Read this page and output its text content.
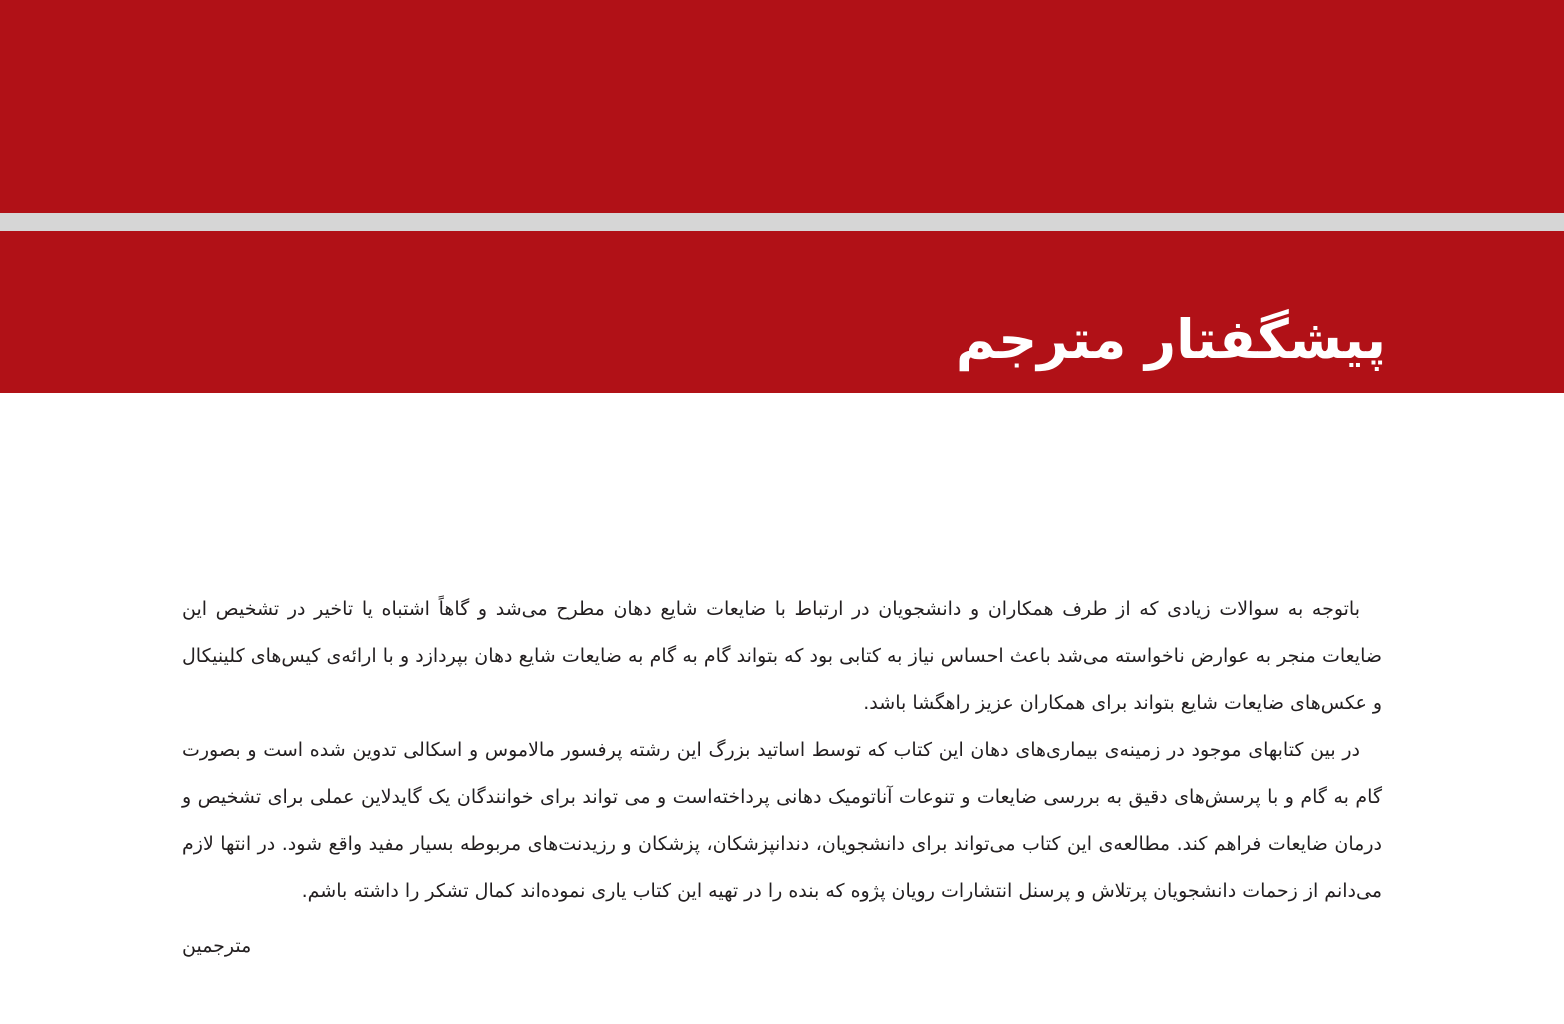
پیشگفتار مترجم

باتوجه به سوالات زیادی که از طرف همکاران و دانشجویان در ارتباط با ضایعات شایع دهان مطرح می‌شد و گاهاً اشتباه یا تاخیر در تشخیص این ضایعات منجر به عوارض ناخواسته می‌شد باعث احساس نیاز به کتابی بود که بتواند گام به گام به ضایعات شایع دهان بپردازد و با ارائه‌ی کیس‌های کلینیکال و عکس‌های ضایعات شایع بتواند برای همکاران عزیز راهگشا باشد.

در بین کتابهای موجود در زمینه‌ی بیماری‌های دهان این کتاب که توسط اساتید بزرگ این رشته پرفسور مالاموس و اسکالی تدوین شده است و بصورت گام به گام و با پرسش‌های دقیق به بررسی ضایعات و تنوعات آناتومیک دهانی پرداخته‌است و می تواند برای خوانندگان یک گایدلاین عملی برای تشخیص و درمان ضایعات فراهم کند. مطالعه‌ی این کتاب می‌تواند برای دانشجویان، دندانپزشکان، پزشکان و رزیدنت‌های مربوطه بسیار مفید واقع شود. در انتها لازم می‌دانم از زحمات دانشجویان پرتلاش و پرسنل انتشارات رویان پژوه که بنده را در تهیه این کتاب یاری نموده‌اند کمال تشکر را داشته باشم.

مترجمین
